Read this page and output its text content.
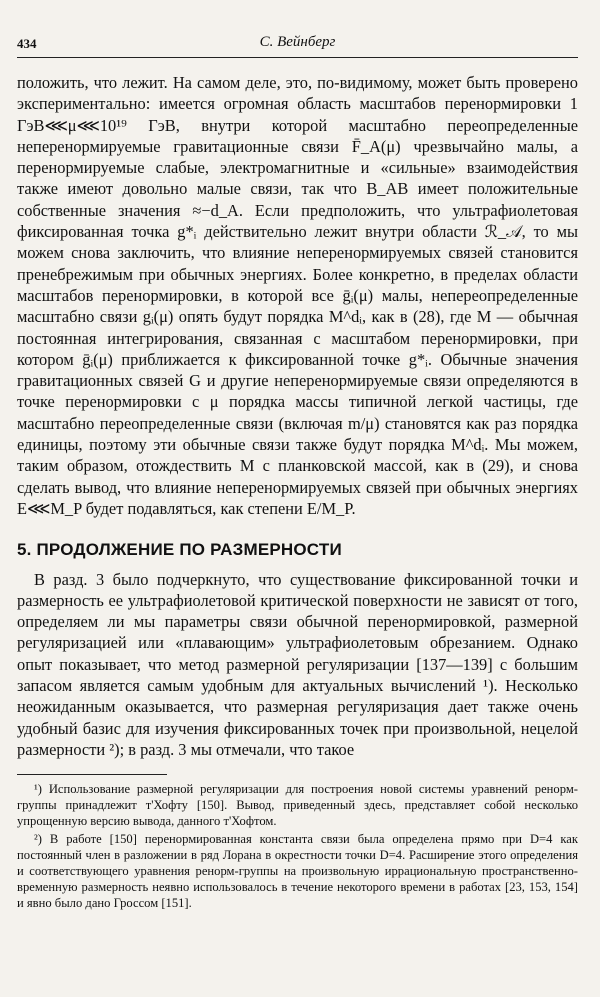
434	С. Вейнберг

положить, что лежит. На самом деле, это, по-видимому, может быть проверено экспериментально: имеется огромная область масштабов перенормировки 1 ГэВ⋘μ⋘10¹⁹ ГэВ, внутри которой масштабно переопределенные неперенормируемые гравитационные связи F̄_A(μ) чрезвычайно малы, а перенормируемые слабые, электромагнитные и «сильные» взаимодействия также имеют довольно малые связи, так что B_AB имеет положительные собственные значения ≈−d_A. Если предположить, что ультрафиолетовая фиксированная точка g*ᵢ действительно лежит внутри области ℛ_𝒜, то мы можем снова заключить, что влияние неперенормируемых связей становится пренебрежимым при обычных энергиях. Более конкретно, в пределах области масштабов перенормировки, в которой все ḡᵢ(μ) малы, непереопределенные масштабно связи gᵢ(μ) опять будут порядка M^dᵢ, как в (28), где M — обычная постоянная интегрирования, связанная с масштабом перенормировки, при котором ḡᵢ(μ) приближается к фиксированной точке g*ᵢ. Обычные значения гравитационных связей G и другие неперенормируемые связи определяются в точке перенормировки с μ порядка массы типичной легкой частицы, где масштабно переопределенные связи (включая m/μ) становятся как раз порядка единицы, поэтому эти обычные связи также будут порядка M^dᵢ. Мы можем, таким образом, отождествить M с планковской массой, как в (29), и снова сделать вывод, что влияние неперенормируемых связей при обычных энергиях E⋘M_P будет подавляться, как степени E/M_P.

5. ПРОДОЛЖЕНИЕ ПО РАЗМЕРНОСТИ

В разд. 3 было подчеркнуто, что существование фиксированной точки и размерность ее ультрафиолетовой критической поверхности не зависят от того, определяем ли мы параметры связи обычной перенормировкой, размерной регуляризацией или «плавающим» ультрафиолетовым обрезанием. Однако опыт показывает, что метод размерной регуляризации [137—139] с большим запасом является самым удобным для актуальных вычислений ¹). Несколько неожиданным оказывается, что размерная регуляризация дает также очень удобный базис для изучения фиксированных точек при произвольной, нецелой размерности ²); в разд. 3 мы отмечали, что такое

¹) Использование размерной регуляризации для построения новой системы уравнений ренорм-группы принадлежит т'Хофту [150]. Вывод, приведенный здесь, представляет собой несколько упрощенную версию вывода, данного т'Хофтом.

²) В работе [150] перенормированная константа связи была определена прямо при D=4 как постоянный член в разложении в ряд Лорана в окрестности точки D=4. Расширение этого определения и соответствующего уравнения ренорм-группы на произвольную иррациональную пространственно-временную размерность неявно использовалось в течение некоторого времени в работах [23, 153, 154] и явно было дано Гроссом [151].
